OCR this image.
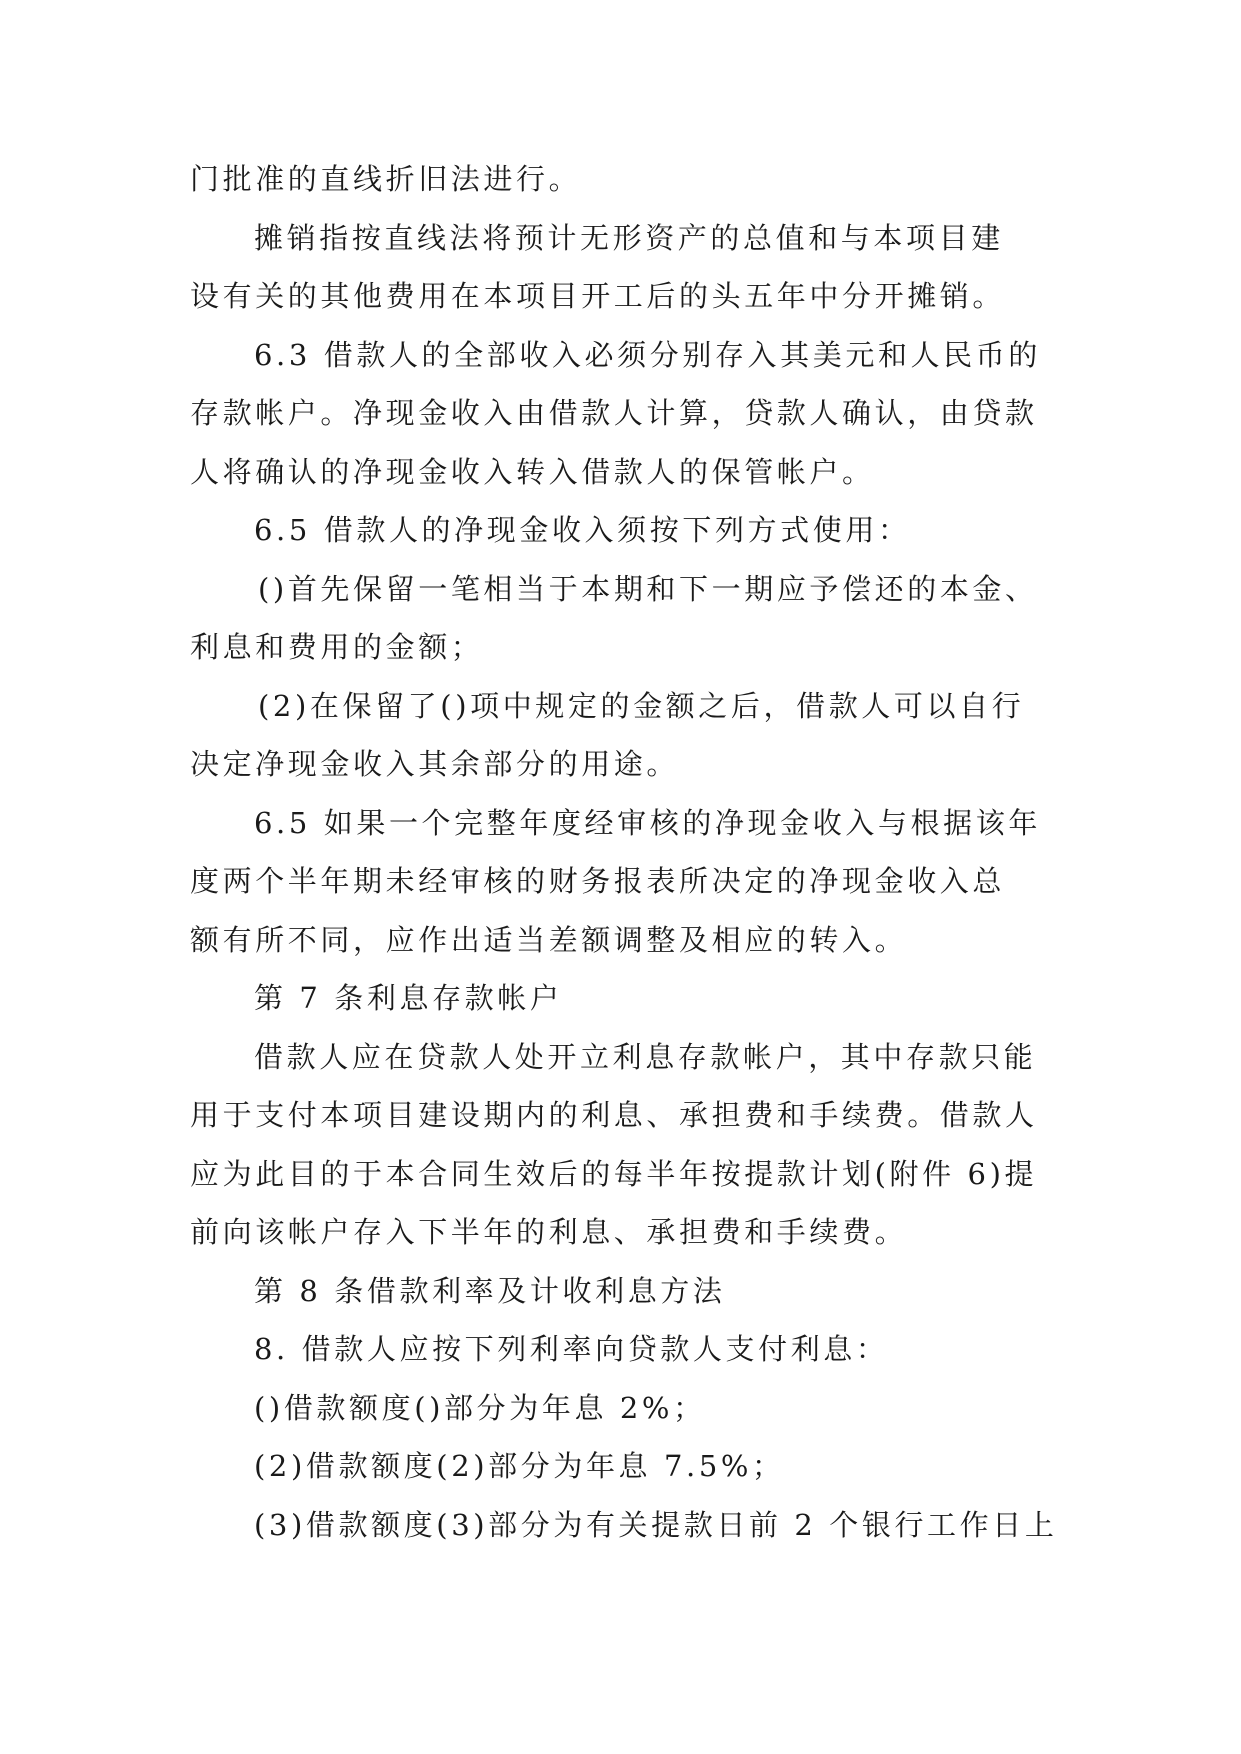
门批准的直线折旧法进行。
摊销指按直线法将预计无形资产的总值和与本项目建
设有关的其他费用在本项目开工后的头五年中分开摊销。
6.3 借款人的全部收入必须分别存入其美元和人民币的
存款帐户。净现金收入由借款人计算，贷款人确认，由贷款
人将确认的净现金收入转入借款人的保管帐户。
6.5 借款人的净现金收入须按下列方式使用：
()首先保留一笔相当于本期和下一期应予偿还的本金、
利息和费用的金额；
(2)在保留了()项中规定的金额之后，借款人可以自行
决定净现金收入其余部分的用途。
6.5 如果一个完整年度经审核的净现金收入与根据该年
度两个半年期未经审核的财务报表所决定的净现金收入总
额有所不同，应作出适当差额调整及相应的转入。
第 7 条利息存款帐户
借款人应在贷款人处开立利息存款帐户，其中存款只能
用于支付本项目建设期内的利息、承担费和手续费。借款人
应为此目的于本合同生效后的每半年按提款计划(附件 6)提
前向该帐户存入下半年的利息、承担费和手续费。
第 8 条借款利率及计收利息方法
8. 借款人应按下列利率向贷款人支付利息：
()借款额度()部分为年息 2%；
(2)借款额度(2)部分为年息 7.5%；
(3)借款额度(3)部分为有关提款日前 2 个银行工作日上
